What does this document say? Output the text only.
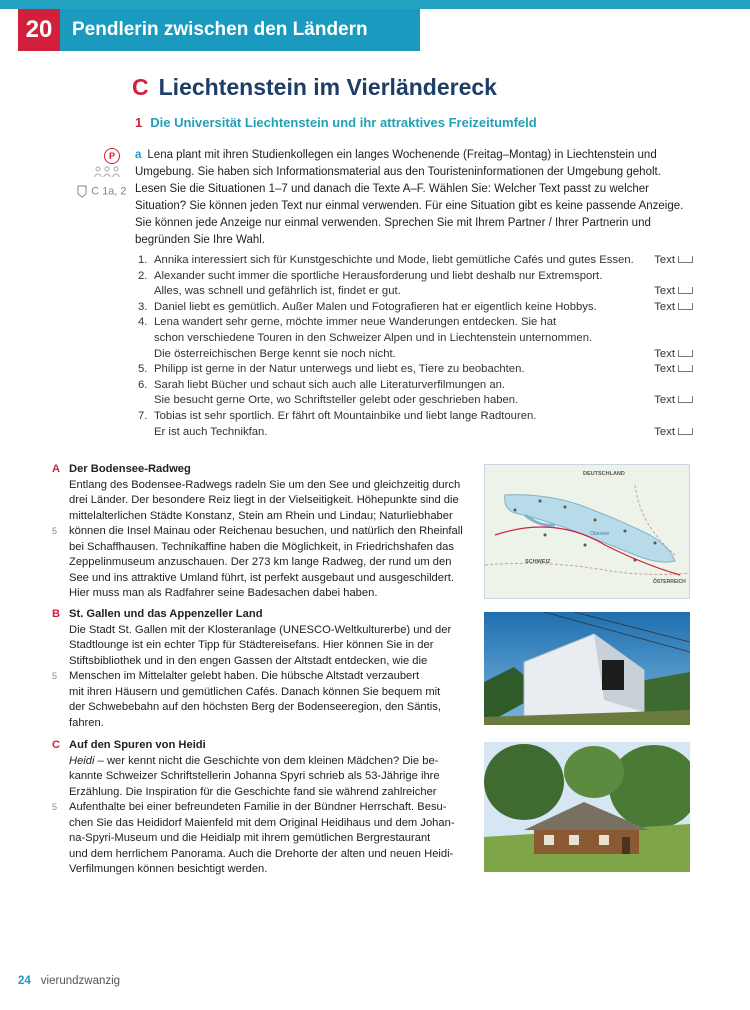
20	Pendlerin zwischen den Ländern
C Liechtenstein im Vierländereck
1 Die Universität Liechtenstein und ihr attraktives Freizeitumfeld
P
C 1a, 2
a Lena plant mit ihren Studienkollegen ein langes Wochenende (Freitag–Montag) in Liechtenstein und Umgebung. Sie haben sich Informationsmaterial aus den Touristeninformationen der Umgebung geholt. Lesen Sie die Situationen 1–7 und danach die Texte A–F. Wählen Sie: Welcher Text passt zu welcher Situation? Sie können jeden Text nur einmal verwenden. Für eine Situation gibt es keine passende Anzeige. Sie können jede Anzeige nur einmal verwenden. Sprechen Sie mit Ihrem Partner / Ihrer Partnerin und begründen Sie Ihre Wahl.
1. Annika interessiert sich für Kunstgeschichte und Mode, liebt gemütliche Cafés und gutes Essen. Text
2. Alexander sucht immer die sportliche Herausforderung und liebt deshalb nur Extremsport.
Alles, was schnell und gefährlich ist, findet er gut.	Text
3. Daniel liebt es gemütlich. Außer Malen und Fotografieren hat er eigentlich keine Hobbys.	Text
4. Lena wandert sehr gerne, möchte immer neue Wanderungen entdecken. Sie hat
schon verschiedene Touren in den Schweizer Alpen und in Liechtenstein unternommen.
Die österreichischen Berge kennt sie noch nicht.	Text
5. Philipp ist gerne in der Natur unterwegs und liebt es, Tiere zu beobachten.	Text
6. Sarah liebt Bücher und schaut sich auch alle Literaturverfilmungen an.
Sie besucht gerne Orte, wo Schriftsteller gelebt oder geschrieben haben.	Text
7. Tobias ist sehr sportlich. Er fährt oft Mountainbike und liebt lange Radtouren.
Er ist auch Technikfan.	Text
A Der Bodensee-Radweg
Entlang des Bodensee-Radwegs radeln Sie um den See und gleichzeitig durch
drei Länder. Der besondere Reiz liegt in der Vielseitigkeit. Höhepunkte sind die
mittelalterlichen Städte Konstanz, Stein am Rhein und Lindau; Naturliebhaber
5 können die Insel Mainau oder Reichenau besuchen, und natürlich den Rheinfall
bei Schaffhausen. Technikaffine haben die Möglichkeit, in Friedrichshafen das
Zeppelinmuseum anzuschauen. Der 273 km lange Radweg, der rund um den
See und ins attraktive Umland führt, ist perfekt ausgebaut und ausgeschildert.
Hier muss man als Radfahrer seine Badesachen dabei haben.
DEUTSCHLAND
SCHWEIZ
ÖSTERREICH
Obersee
B St. Gallen und das Appenzeller Land
Die Stadt St. Gallen mit der Klosteranlage (UNESCO-Weltkulturerbe) und der
Stadtlounge ist ein echter Tipp für Städtereisefans. Hier können Sie in der
Stiftsbibliothek und in den engen Gassen der Altstadt entdecken, wie die
5 Menschen im Mittelalter gelebt haben. Die hübsche Altstadt verzaubert
mit ihren Häusern und gemütlichen Cafés. Danach können Sie bequem mit
der Schwebebahn auf den höchsten Berg der Bodenseeregion, den Säntis,
fahren.
C Auf den Spuren von Heidi
Heidi – wer kennt nicht die Geschichte von dem kleinen Mädchen? Die be-
kannte Schweizer Schriftstellerin Johanna Spyri schrieb als 53-Jährige ihre
Erzählung. Die Inspiration für die Geschichte fand sie während zahlreicher
5 Aufenthalte bei einer befreundeten Familie in der Bündner Herrschaft. Besu-
chen Sie das Heididorf Maienfeld mit dem Original Heidihaus und dem Johan-
na-Spyri-Museum und die Heidialp mit ihrem gemütlichen Bergrestaurant
und dem herrlichem Panorama. Auch die Drehorte der alten und neuen Heidi-
Verfilmungen können besichtigt werden.
24 vierundzwanzig
